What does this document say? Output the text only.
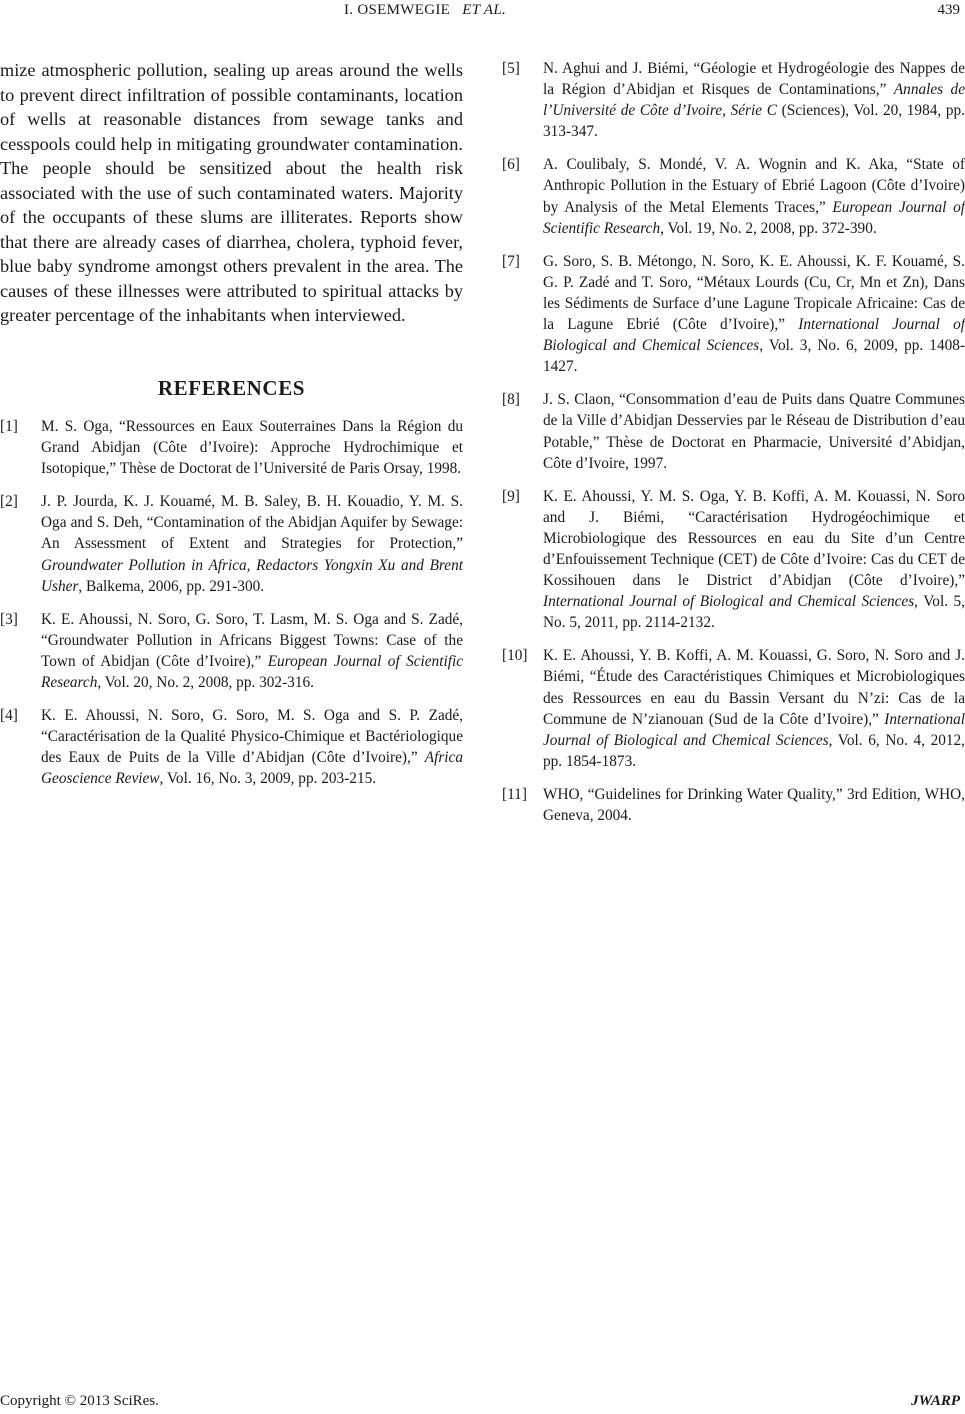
I. OSEMWEGIE ET AL.	439

mize atmospheric pollution, sealing up areas around the wells to prevent direct infiltration of possible contaminants, location of wells at reasonable distances from sewage tanks and cesspools could help in mitigating groundwater contamination. The people should be sensitized about the health risk associated with the use of such contaminated waters. Majority of the occupants of these slums are illiterates. Reports show that there are already cases of diarrhea, cholera, typhoid fever, blue baby syndrome amongst others prevalent in the area. The causes of these illnesses were attributed to spiritual attacks by greater percentage of the inhabitants when interviewed.

REFERENCES
[1] M. S. Oga, “Ressources en Eaux Souterraines Dans la Région du Grand Abidjan (Côte d’Ivoire): Approche Hydrochimique et Isotopique,” Thèse de Doctorat de l’Université de Paris Orsay, 1998.
[2] J. P. Jourda, K. J. Kouamé, M. B. Saley, B. H. Kouadio, Y. M. S. Oga and S. Deh, “Contamination of the Abidjan Aquifer by Sewage: An Assessment of Extent and Strategies for Protection,” Groundwater Pollution in Africa, Redactors Yongxin Xu and Brent Usher, Balkema, 2006, pp. 291-300.
[3] K. E. Ahoussi, N. Soro, G. Soro, T. Lasm, M. S. Oga and S. Zadé, “Groundwater Pollution in Africans Biggest Towns: Case of the Town of Abidjan (Côte d’Ivoire),” European Journal of Scientific Research, Vol. 20, No. 2, 2008, pp. 302-316.
[4] K. E. Ahoussi, N. Soro, G. Soro, M. S. Oga and S. P. Zadé, “Caractérisation de la Qualité Physico-Chimique et Bactériologique des Eaux de Puits de la Ville d’Abidjan (Côte d’Ivoire),” Africa Geoscience Review, Vol. 16, No. 3, 2009, pp. 203-215.
[5] N. Aghui and J. Biémi, “Géologie et Hydrogéologie des Nappes de la Région d’Abidjan et Risques de Contaminations,” Annales de l’Université de Côte d’Ivoire, Série C (Sciences), Vol. 20, 1984, pp. 313-347.
[6] A. Coulibaly, S. Mondé, V. A. Wognin and K. Aka, “State of Anthropic Pollution in the Estuary of Ebrié Lagoon (Côte d’Ivoire) by Analysis of the Metal Elements Traces,” European Journal of Scientific Research, Vol. 19, No. 2, 2008, pp. 372-390.
[7] G. Soro, S. B. Métongo, N. Soro, K. E. Ahoussi, K. F. Kouamé, S. G. P. Zadé and T. Soro, “Métaux Lourds (Cu, Cr, Mn et Zn), Dans les Sédiments de Surface d’une Lagune Tropicale Africaine: Cas de la Lagune Ebrié (Côte d’Ivoire),” International Journal of Biological and Chemical Sciences, Vol. 3, No. 6, 2009, pp. 1408-1427.
[8] J. S. Claon, “Consommation d’eau de Puits dans Quatre Communes de la Ville d’Abidjan Desservies par le Réseau de Distribution d’eau Potable,” Thèse de Doctorat en Pharmacie, Université d’Abidjan, Côte d’Ivoire, 1997.
[9] K. E. Ahoussi, Y. M. S. Oga, Y. B. Koffi, A. M. Kouassi, N. Soro and J. Biémi, “Caractérisation Hydrogéochimique et Microbiologique des Ressources en eau du Site d’un Centre d’Enfouissement Technique (CET) de Côte d’Ivoire: Cas du CET de Kossihouen dans le District d’Abidjan (Côte d’Ivoire),” International Journal of Biological and Chemical Sciences, Vol. 5, No. 5, 2011, pp. 2114-2132.
[10] K. E. Ahoussi, Y. B. Koffi, A. M. Kouassi, G. Soro, N. Soro and J. Biémi, “Étude des Caractéristiques Chimiques et Microbiologiques des Ressources en eau du Bassin Versant du N’zi: Cas de la Commune de N’zianouan (Sud de la Côte d’Ivoire),” International Journal of Biological and Chemical Sciences, Vol. 6, No. 4, 2012, pp. 1854-1873.
[11] WHO, “Guidelines for Drinking Water Quality,” 3rd Edition, WHO, Geneva, 2004.
Copyright © 2013 SciRes.	JWARP
